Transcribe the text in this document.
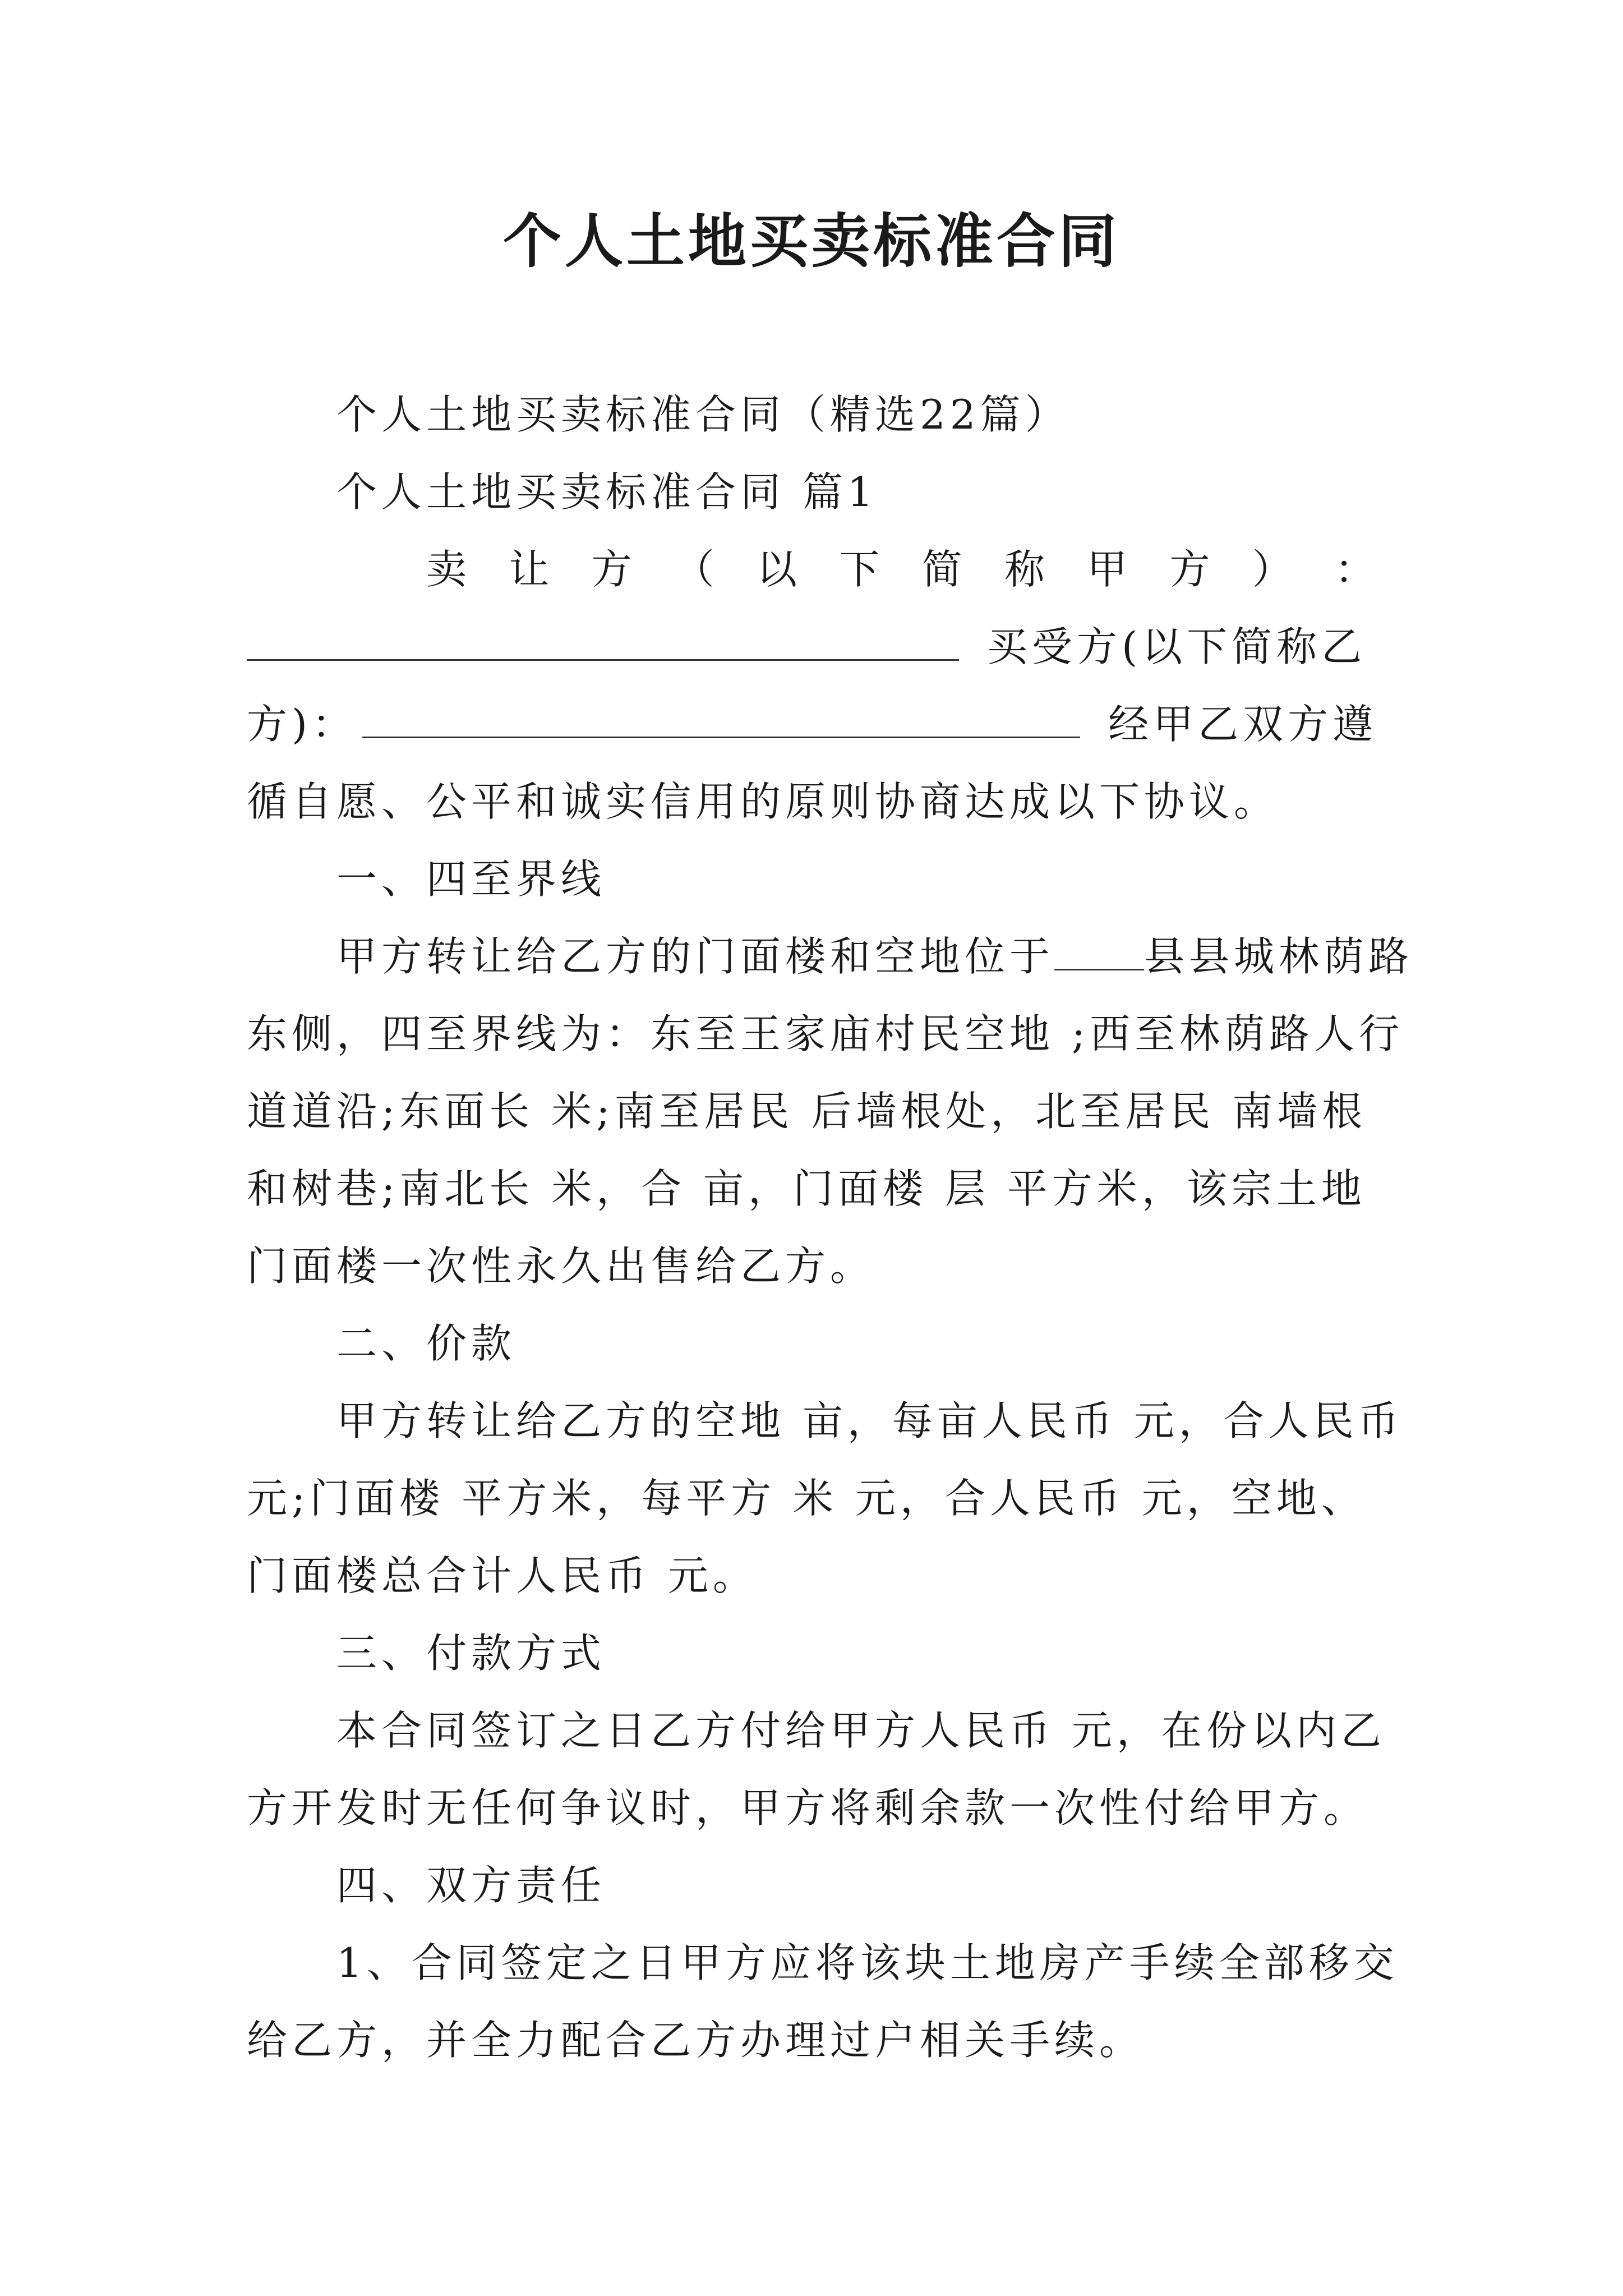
个人土地买卖标准合同

个人土地买卖标准合同（精选22篇）

个人土地买卖标准合同 篇1

卖 让 方 （ 以 下 简 称 甲 方 ） ：

买受方(以下简称乙

方)：	经甲乙双方遵

循自愿、公平和诚实信用的原则协商达成以下协议。

一、四至界线

甲方转让给乙方的门面楼和空地位于 县县城林荫路

东侧，四至界线为：东至王家庙村民空地 ;西至林荫路人行

道道沿;东面长 米;南至居民 后墙根处，北至居民 南墙根

和树巷;南北长 米，合 亩，门面楼 层 平方米，该宗土地

门面楼一次性永久出售给乙方。

二、价款

甲方转让给乙方的空地 亩，每亩人民币 元，合人民币

元;门面楼 平方米，每平方 米 元，合人民币 元，空地、

门面楼总合计人民币 元。

三、付款方式

本合同签订之日乙方付给甲方人民币 元，在份以内乙

方开发时无任何争议时，甲方将剩余款一次性付给甲方。

四、双方责任

1、合同签定之日甲方应将该块土地房产手续全部移交

给乙方，并全力配合乙方办理过户相关手续。
